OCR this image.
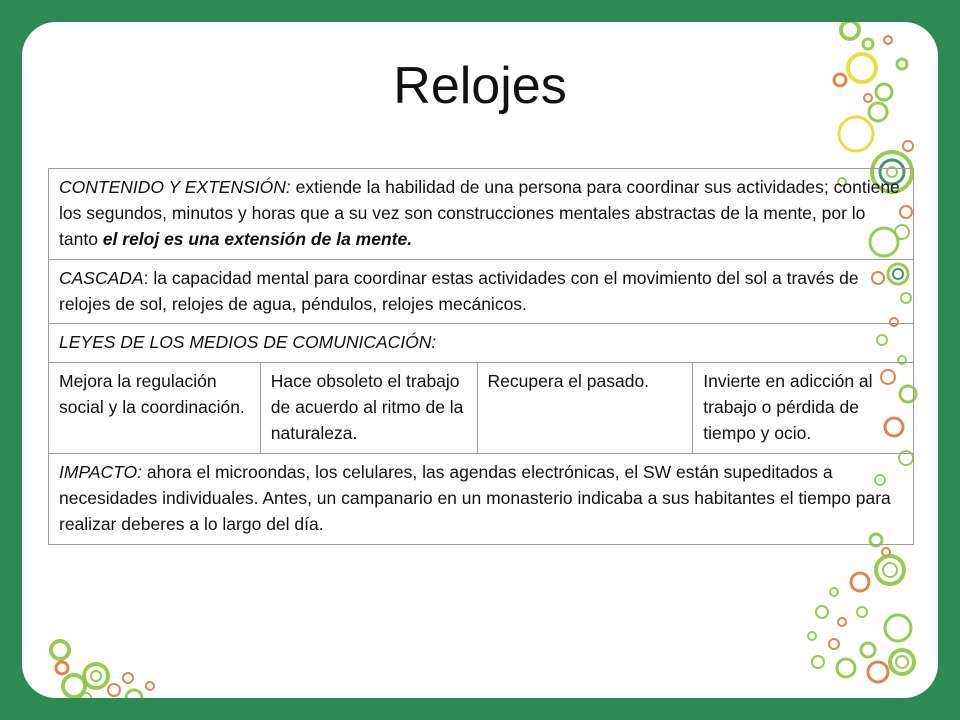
Relojes
CONTENIDO Y EXTENSIÓN: extiende la habilidad de una persona para coordinar sus actividades; contiene los segundos, minutos y horas que a su vez son construcciones mentales abstractas de la mente, por lo tanto el reloj es una extensión de la mente.
CASCADA: la capacidad mental para coordinar estas actividades con el movimiento del sol a través de relojes de sol, relojes de agua, péndulos, relojes mecánicos.
LEYES DE LOS MEDIOS DE COMUNICACIÓN:
Mejora la regulación social y la coordinación.	Hace obsoleto el trabajo de acuerdo al ritmo de la naturaleza.	Recupera el pasado.	Invierte en adicción al trabajo o pérdida de tiempo y ocio.
IMPACTO: ahora el microondas, los celulares, las agendas electrónicas, el SW están supeditados a necesidades individuales. Antes, un campanario en un monasterio indicaba a sus habitantes el tiempo para realizar deberes a lo largo del día.
